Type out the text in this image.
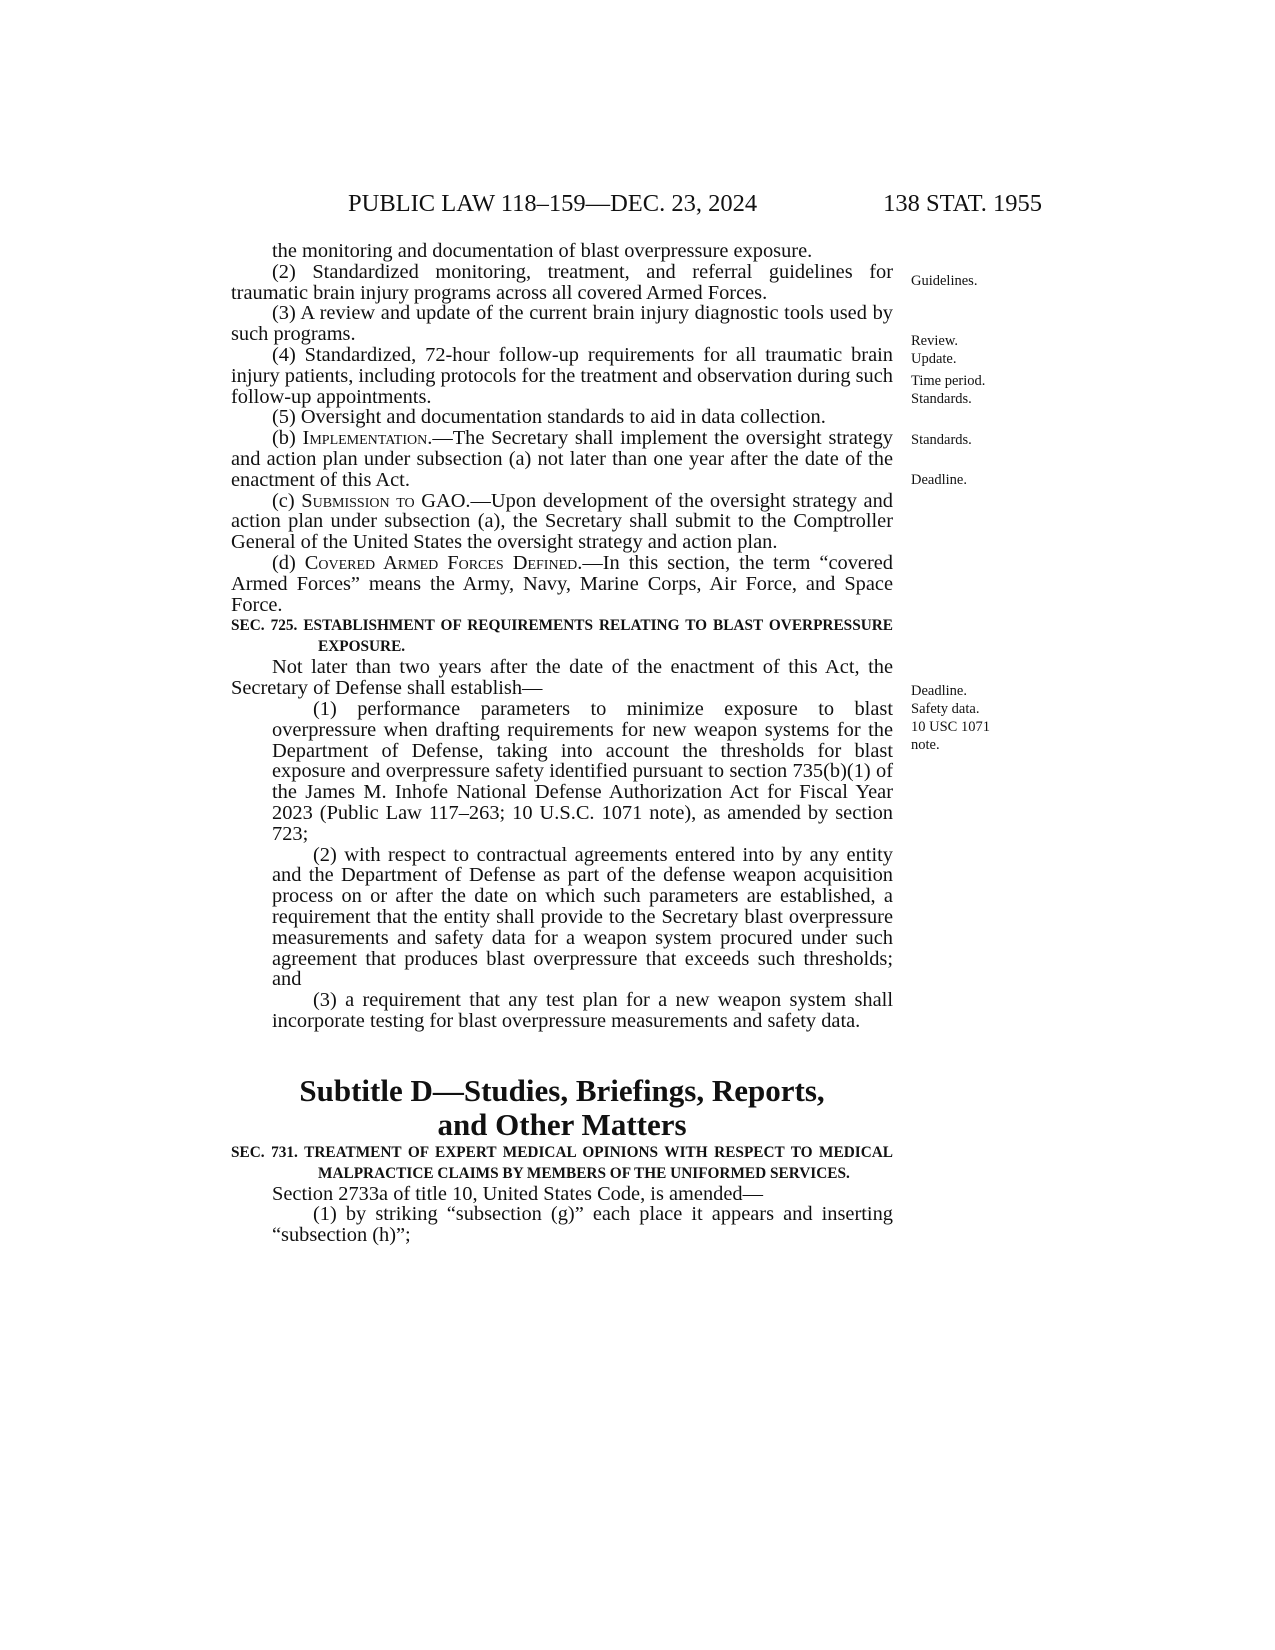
PUBLIC LAW 118–159—DEC. 23, 2024	138 STAT. 1955

the monitoring and documentation of blast overpressure exposure.

(2) Standardized monitoring, treatment, and referral guidelines for traumatic brain injury programs across all covered Armed Forces.

(3) A review and update of the current brain injury diagnostic tools used by such programs.

(4) Standardized, 72-hour follow-up requirements for all traumatic brain injury patients, including protocols for the treatment and observation during such follow-up appointments.

(5) Oversight and documentation standards to aid in data collection.

(b) Implementation.—The Secretary shall implement the oversight strategy and action plan under subsection (a) not later than one year after the date of the enactment of this Act.

(c) Submission to GAO.—Upon development of the oversight strategy and action plan under subsection (a), the Secretary shall submit to the Comptroller General of the United States the oversight strategy and action plan.

(d) Covered Armed Forces Defined.—In this section, the term “covered Armed Forces” means the Army, Navy, Marine Corps, Air Force, and Space Force.

SEC. 725. ESTABLISHMENT OF REQUIREMENTS RELATING TO BLAST OVERPRESSURE EXPOSURE.

Not later than two years after the date of the enactment of this Act, the Secretary of Defense shall establish—

(1) performance parameters to minimize exposure to blast overpressure when drafting requirements for new weapon systems for the Department of Defense, taking into account the thresholds for blast exposure and overpressure safety identified pursuant to section 735(b)(1) of the James M. Inhofe National Defense Authorization Act for Fiscal Year 2023 (Public Law 117–263; 10 U.S.C. 1071 note), as amended by section 723;

(2) with respect to contractual agreements entered into by any entity and the Department of Defense as part of the defense weapon acquisition process on or after the date on which such parameters are established, a requirement that the entity shall provide to the Secretary blast overpressure measurements and safety data for a weapon system procured under such agreement that produces blast overpressure that exceeds such thresholds; and

(3) a requirement that any test plan for a new weapon system shall incorporate testing for blast overpressure measurements and safety data.

Subtitle D—Studies, Briefings, Reports,
and Other Matters

SEC. 731. TREATMENT OF EXPERT MEDICAL OPINIONS WITH RESPECT TO MEDICAL MALPRACTICE CLAIMS BY MEMBERS OF THE UNIFORMED SERVICES.

Section 2733a of title 10, United States Code, is amended—

(1) by striking “subsection (g)” each place it appears and inserting “subsection (h)”;

Guidelines.
Review.
Update.
Time period.
Standards.
Standards.
Deadline.
Deadline.
Safety data.
10 USC 1071
note.
